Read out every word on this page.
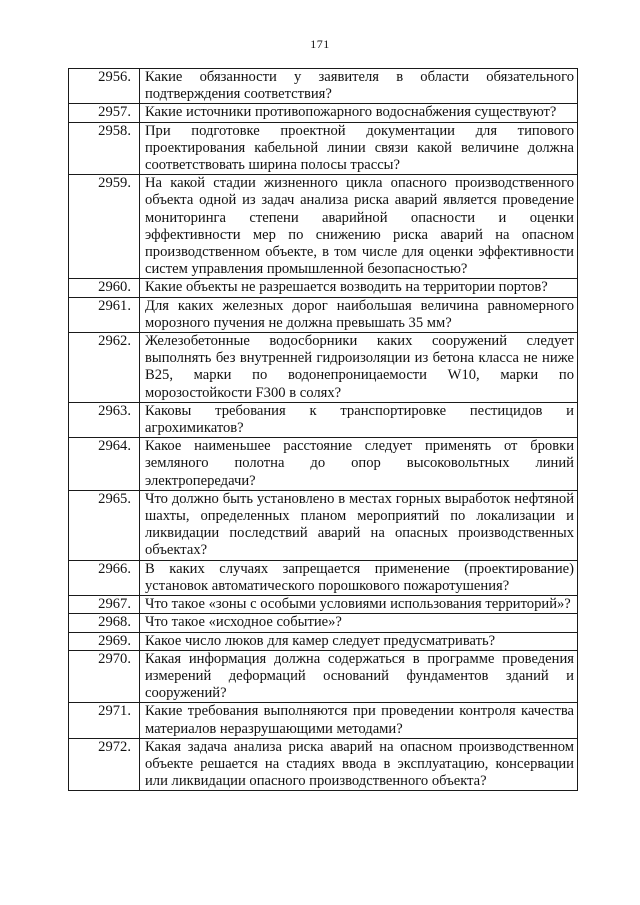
171
2956.	Какие обязанности у заявителя в области обязательного подтверждения соответствия?
2957.	Какие источники противопожарного водоснабжения существуют?
2958.	При подготовке проектной документации для типового проектирования кабельной линии связи какой величине должна соответствовать ширина полосы трассы?
2959.	На какой стадии жизненного цикла опасного производственного объекта одной из задач анализа риска аварий является проведение мониторинга степени аварийной опасности и оценки эффективности мер по снижению риска аварий на опасном производственном объекте, в том числе для оценки эффективности систем управления промышленной безопасностью?
2960.	Какие объекты не разрешается возводить на территории портов?
2961.	Для каких железных дорог наибольшая величина равномерного морозного пучения не должна превышать 35 мм?
2962.	Железобетонные водосборники каких сооружений следует выполнять без внутренней гидроизоляции из бетона класса не ниже B25, марки по водонепроницаемости W10, марки по морозостойкости F300 в солях?
2963.	Каковы требования к транспортировке пестицидов и агрохимикатов?
2964.	Какое наименьшее расстояние следует применять от бровки земляного полотна до опор высоковольтных линий электропередачи?
2965.	Что должно быть установлено в местах горных выработок нефтяной шахты, определенных планом мероприятий по локализации и ликвидации последствий аварий на опасных производственных объектах?
2966.	В каких случаях запрещается применение (проектирование) установок автоматического порошкового пожаротушения?
2967.	Что такое «зоны с особыми условиями использования территорий»?
2968.	Что такое «исходное событие»?
2969.	Какое число люков для камер следует предусматривать?
2970.	Какая информация должна содержаться в программе проведения измерений деформаций оснований фундаментов зданий и сооружений?
2971.	Какие требования выполняются при проведении контроля качества материалов неразрушающими методами?
2972.	Какая задача анализа риска аварий на опасном производственном объекте решается на стадиях ввода в эксплуатацию, консервации или ликвидации опасного производственного объекта?
